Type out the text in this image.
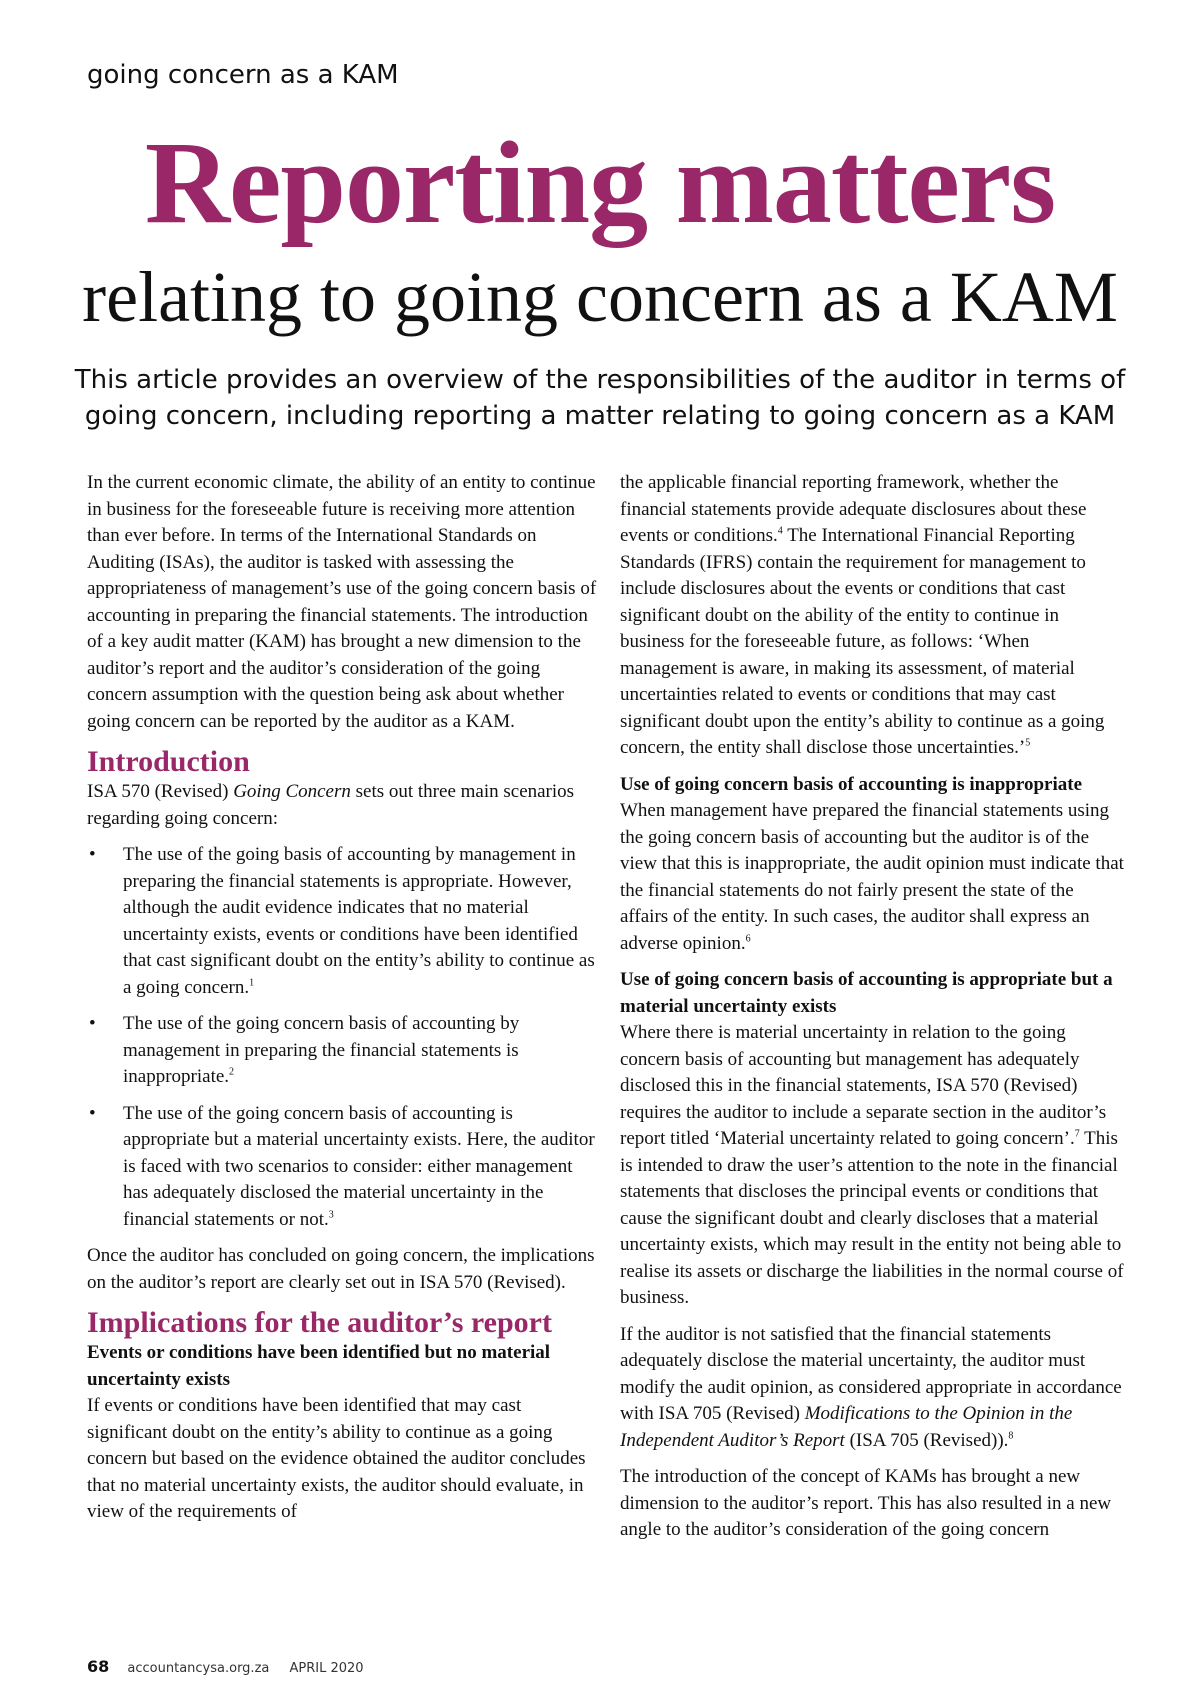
going concern as a KAM
Reporting matters
relating to going concern as a KAM
This article provides an overview of the responsibilities of the auditor in terms of
going concern, including reporting a matter relating to going concern as a KAM

In the current economic climate, the ability of an entity to continue in business for the foreseeable future is receiving more attention than ever before. In terms of the International Standards on Auditing (ISAs), the auditor is tasked with assessing the appropriateness of management’s use of the going concern basis of accounting in preparing the financial statements. The introduction of a key audit matter (KAM) has brought a new dimension to the auditor’s report and the auditor’s consideration of the going concern assumption with the question being ask about whether going concern can be reported by the auditor as a KAM.

Introduction

ISA 570 (Revised) Going Concern sets out three main scenarios regarding going concern:

• The use of the going basis of accounting by management in preparing the financial statements is appropriate. However, although the audit evidence indicates that no material uncertainty exists, events or conditions have been identified that cast significant doubt on the entity’s ability to continue as a going concern.$^1$
• The use of the going concern basis of accounting by management in preparing the financial statements is inappropriate.$^2$
• The use of the going concern basis of accounting is appropriate but a material uncertainty exists. Here, the auditor is faced with two scenarios to consider: either management has adequately disclosed the material uncertainty in the financial statements or not.$^3$

Once the auditor has concluded on going concern, the implications on the auditor’s report are clearly set out in ISA 570 (Revised).

Implications for the auditor’s report
Events or conditions have been identified but no material uncertainty exists

If events or conditions have been identified that may cast significant doubt on the entity’s ability to continue as a going concern but based on the evidence obtained the auditor concludes that no material uncertainty exists, the auditor should evaluate, in view of the requirements of

the applicable financial reporting framework, whether the financial statements provide adequate disclosures about these events or conditions.$^4$ The International Financial Reporting Standards (IFRS) contain the requirement for management to include disclosures about the events or conditions that cast significant doubt on the ability of the entity to continue in business for the foreseeable future, as follows: ‘When management is aware, in making its assessment, of material uncertainties related to events or conditions that may cast significant doubt upon the entity’s ability to continue as a going concern, the entity shall disclose those uncertainties.’$^5$

Use of going concern basis of accounting is inappropriate

When management have prepared the financial statements using the going concern basis of accounting but the auditor is of the view that this is inappropriate, the audit opinion must indicate that the financial statements do not fairly present the state of the affairs of the entity. In such cases, the auditor shall express an adverse opinion.$^6$

Use of going concern basis of accounting is appropriate but a material uncertainty exists

Where there is material uncertainty in relation to the going concern basis of accounting but management has adequately disclosed this in the financial statements, ISA 570 (Revised) requires the auditor to include a separate section in the auditor’s report titled ‘Material uncertainty related to going concern’.$^7$ This is intended to draw the user’s attention to the note in the financial statements that discloses the principal events or conditions that cause the significant doubt and clearly discloses that a material uncertainty exists, which may result in the entity not being able to realise its assets or discharge the liabilities in the normal course of business.

If the auditor is not satisfied that the financial statements adequately disclose the material uncertainty, the auditor must modify the audit opinion, as considered appropriate in accordance with ISA 705 (Revised) Modifications to the Opinion in the Independent Auditor’s Report (ISA 705 (Revised)).$^8$

The introduction of the concept of KAMs has brought a new dimension to the auditor’s report. This has also resulted in a new angle to the auditor’s consideration of the going concern

68 accountancysa.org.za APRIL 2020
